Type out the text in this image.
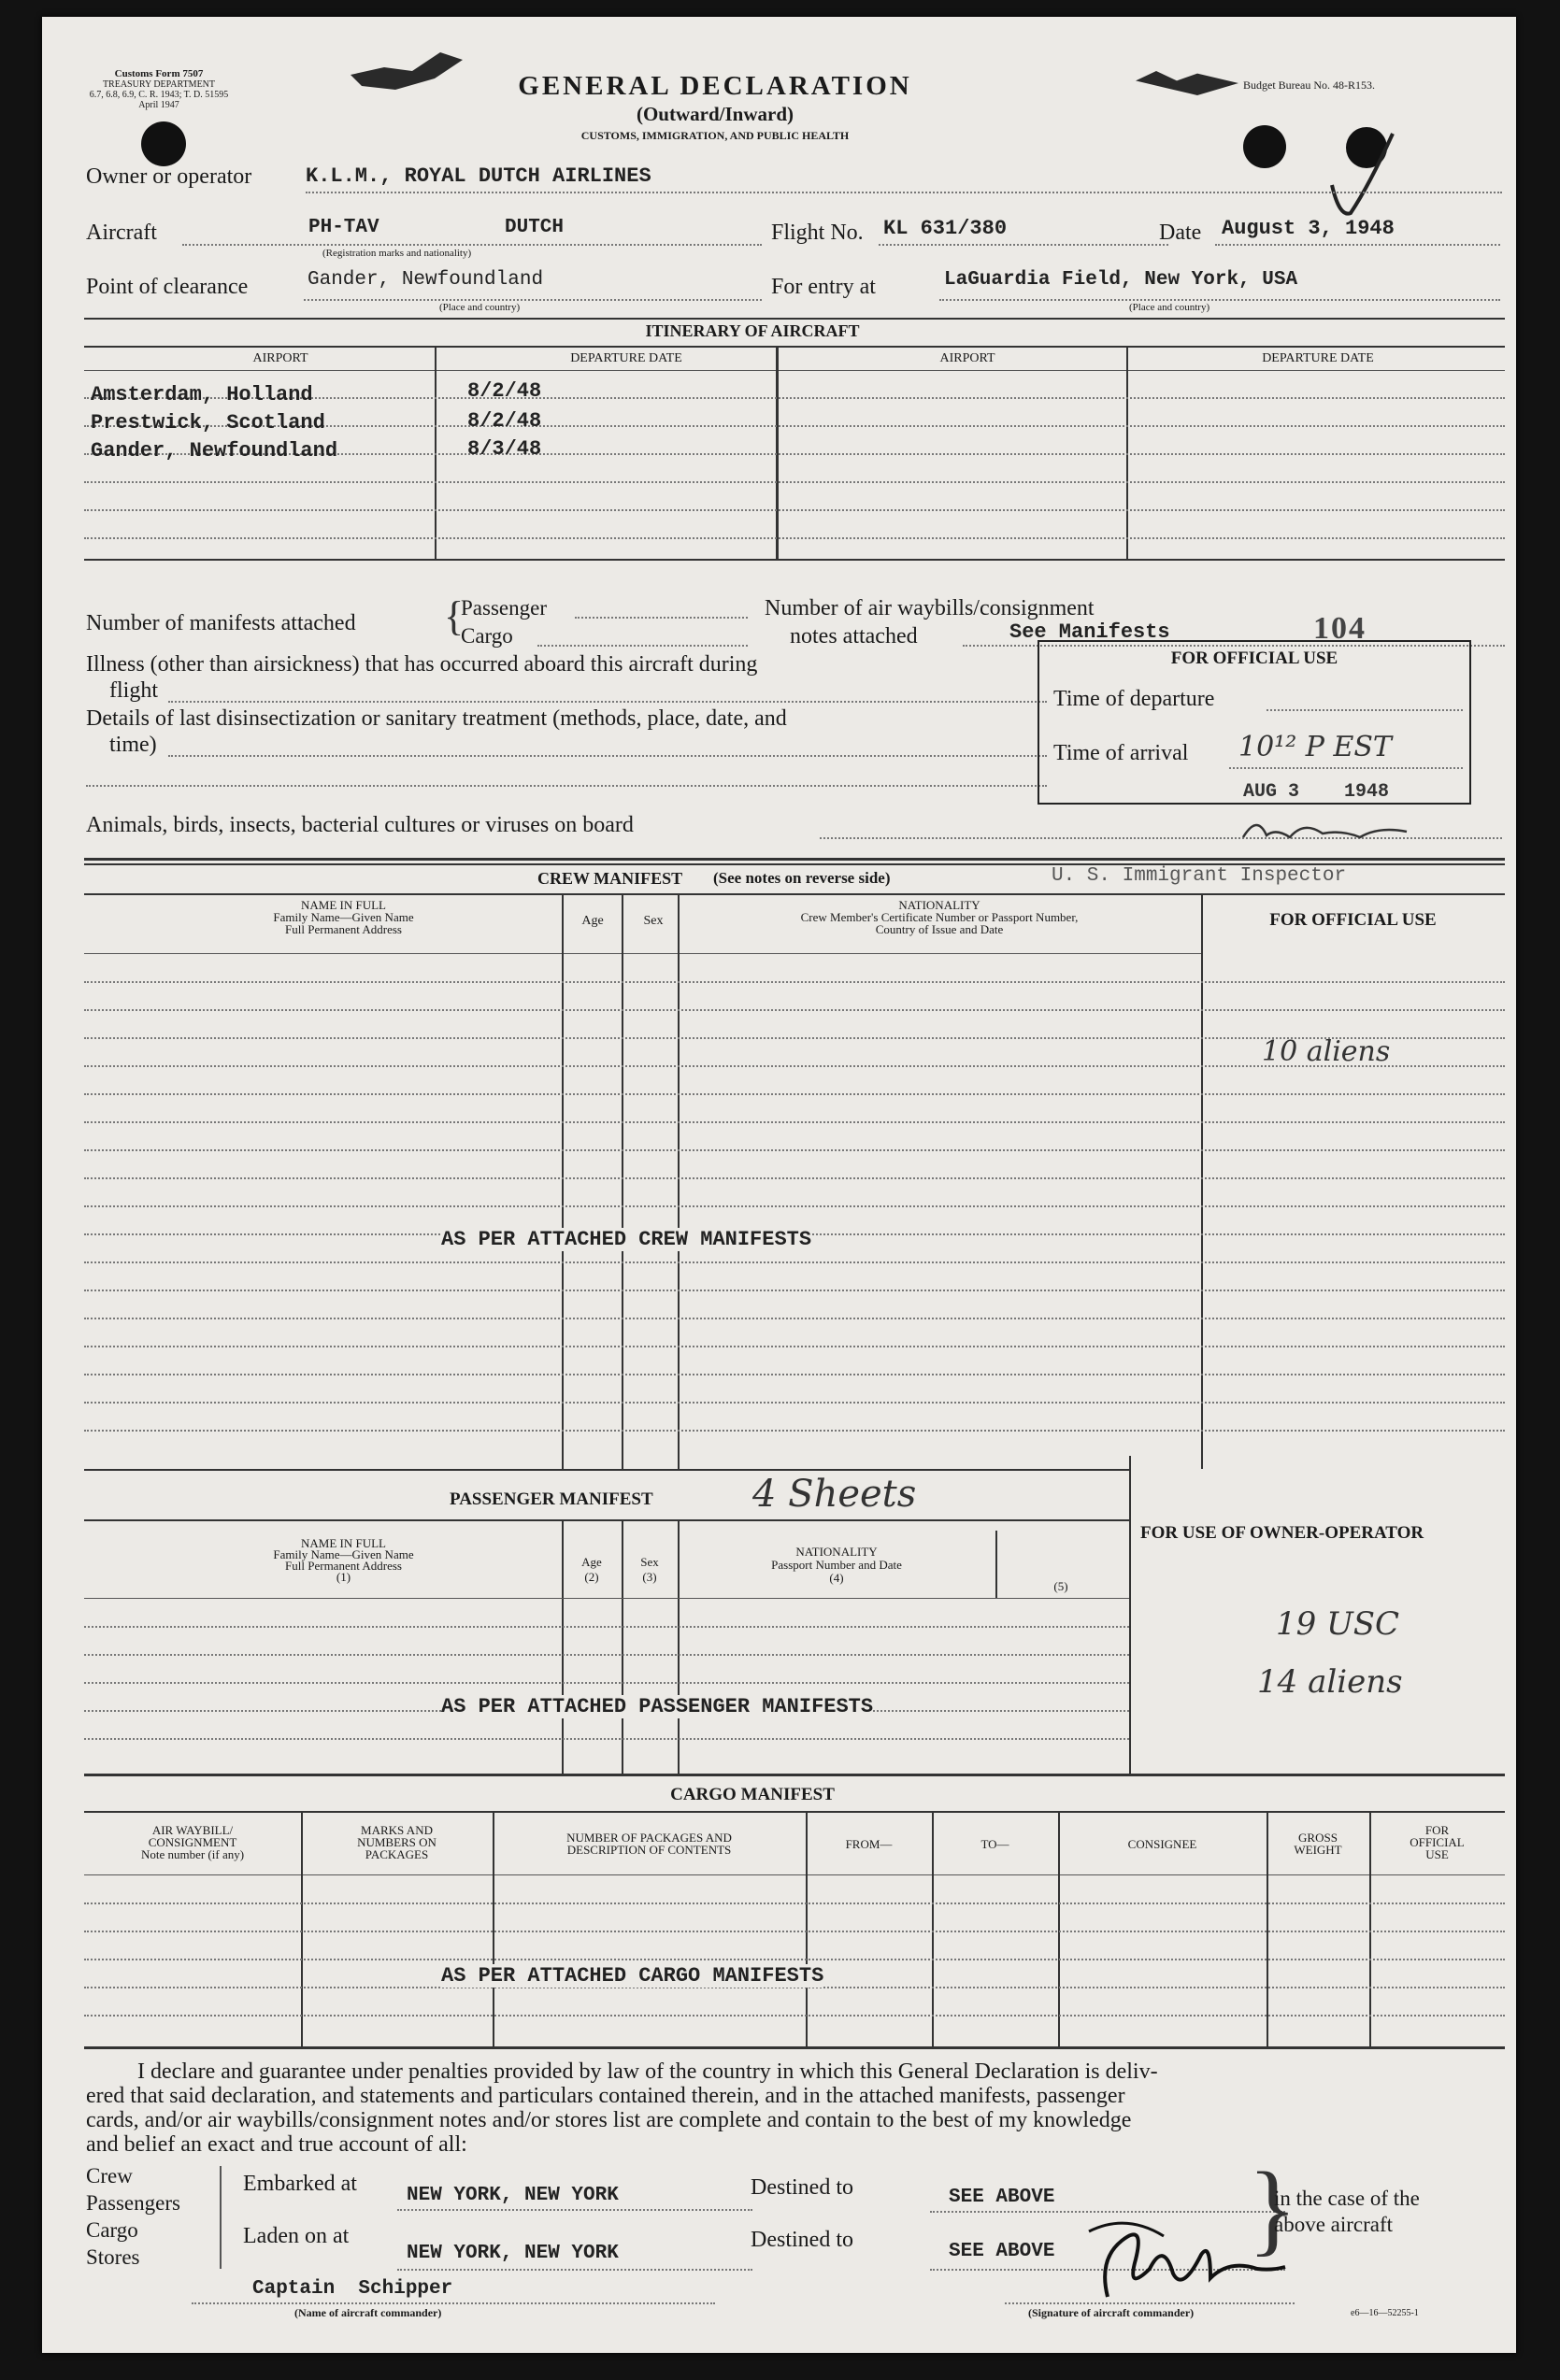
Customs Form 7507
TREASURY DEPARTMENT
6.7, 6.8, 6.9, C. R. 1943; T. D. 51595
April 1947
GENERAL DECLARATION
(Outward/Inward)
CUSTOMS, IMMIGRATION, AND PUBLIC HEALTH
Budget Bureau No. 48-R153.
Owner or operator	K.L.M., ROYAL DUTCH AIRLINES
Aircraft	PH-TAV	DUTCH
(Registration marks and nationality)
Flight No. KL 631/380	Date August 3, 1948
Point of clearance	Gander, Newfoundland
(Place and country)
For entry at	LaGuardia Field, New York, USA
(Place and country)
ITINERARY OF AIRCRAFT
AIRPORT	DEPARTURE DATE	AIRPORT	DEPARTURE DATE
Amsterdam, Holland	8/2/48
Prestwick, Scotland	8/2/48
Gander, Newfoundland	8/3/48
Number of manifests attached {
Passenger
Cargo
Number of air waybills/consignment
notes attached	See Manifests	104
Illness (other than airsickness) that has occurred aboard this aircraft during
flight
Details of last disinsectization or sanitary treatment (methods, place, date, and
time)
Animals, birds, insects, bacterial cultures or viruses on board
FOR OFFICIAL USE
Time of departure
Time of arrival 10¹² P EST
AUG 3    1948
CREW MANIFEST (See notes on reverse side)	U. S. Immigrant Inspector
NAME IN FULL
Family Name—Given Name
Full Permanent Address
Age	Sex
NATIONALITY
Crew Member's Certificate Number or Passport Number,
Country of Issue and Date	FOR OFFICIAL USE
AS PER ATTACHED CREW MANIFESTS
10 aliens
PASSENGER MANIFEST	4 Sheets
NAME IN FULL
Family Name—Given Name
Full Permanent Address
(1)
Age
(2)
Sex
(3)
NATIONALITY
Passport Number and Date
(4)
(5)
AS PER ATTACHED PASSENGER MANIFESTS
FOR USE OF OWNER-OPERATOR
19 USC
14 aliens
CARGO MANIFEST
AIR WAYBILL/
CONSIGNMENT
Note number (if any)
MARKS AND
NUMBERS ON
PACKAGES
NUMBER OF PACKAGES AND
DESCRIPTION OF CONTENTS	FROM—	TO—	CONSIGNEE	GROSS
WEIGHT
FOR
OFFICIAL
USE
AS PER ATTACHED CARGO MANIFESTS
I declare and guarantee under penalties provided by law of the country in which this General Declaration is deliv-
ered that said declaration, and statements and particulars contained therein, and in the attached manifests, passenger
cards, and/or air waybills/consignment notes and/or stores list are complete and contain to the best of my knowledge
and belief an exact and true account of all:
Crew
Passengers
Cargo
Stores
Embarked at	NEW YORK, NEW YORK
Laden on at
NEW YORK, NEW YORK
Destined to	SEE ABOVE
Destined to	SEE ABOVE }
in the case of the
above aircraft
Captain  Schipper
(Name of aircraft commander)	(Signature of aircraft commander)	e6—16—52255-1
